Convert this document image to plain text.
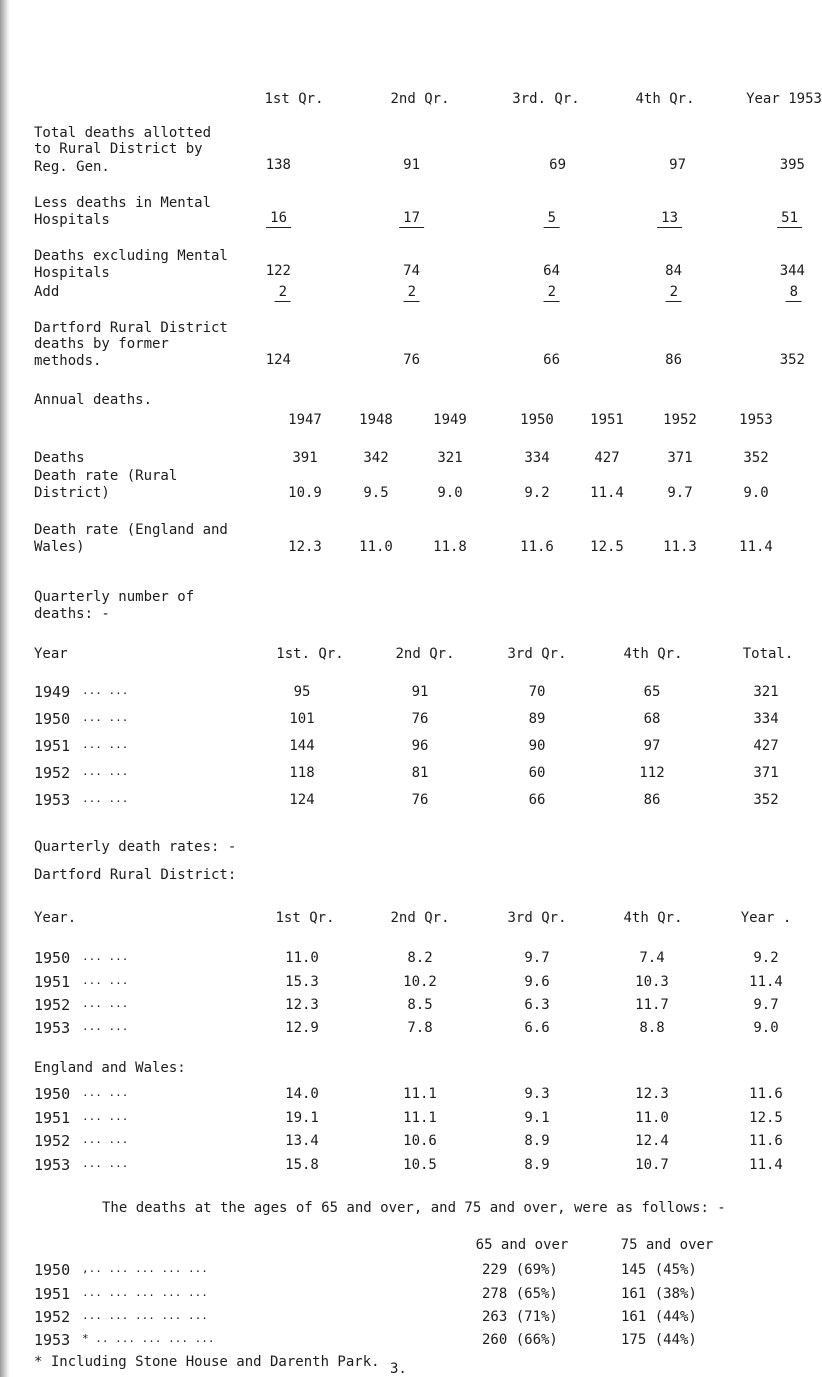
1st Qr.	2nd Qr.	3rd. Qr.	4th Qr.	Year 1953
Total deaths allotted
to Rural District by
Reg. Gen.	138	91	69	97	395
Less deaths in Mental
Hospitals	16	17	5	13	51
Deaths excluding Mental
Hospitals	122	74	64	84	344
Add	2	2	2	2	8
Dartford Rural District
deaths by former
methods.	124	76	66	86	352
Annual deaths.
1947	1948	1949	1950	1951	1952	1953
Deaths	391	342	321	334	427	371	352
Death rate (Rural
District)	10.9	9.5	9.0	9.2	11.4	9.7	9.0
Death rate (England and
Wales)	12.3	11.0	11.8	11.6	12.5	11.3	11.4
Quarterly number of
deaths: -
Year	1st. Qr.	2nd Qr.	3rd Qr.	4th Qr.	Total.
1949 ... ...	95	91	70	65	321
1950 ... ...	101	76	89	68	334
1951 ... ...	144	96	90	97	427
1952 ... ...	118	81	60	112	371
1953 ... ...	124	76	66	86	352
Quarterly death rates: -
Dartford Rural District:
Year.	1st Qr.	2nd Qr.	3rd Qr.	4th Qr.	Year .
1950 ... ...	11.0	8.2	9.7	7.4	9.2
1951 ... ...	15.3	10.2	9.6	10.3	11.4
1952 ... ...	12.3	8.5	6.3	11.7	9.7
1953 ... ...	12.9	7.8	6.6	8.8	9.0
England and Wales:
1950 ... ...	14.0	11.1	9.3	12.3	11.6
1951 ... ...	19.1	11.1	9.1	11.0	12.5
1952 ... ...	13.4	10.6	8.9	12.4	11.6
1953 ... ...	15.8	10.5	8.9	10.7	11.4
The deaths at the ages of 65 and over, and 75 and over, were as follows: -
65 and over	75 and over
1950 ,.. ... ... ... ...	229 (69%)	145 (45%)
1951 ... ... ... ... ...	278 (65%)	161 (38%)
1952 ... ... ... ... ...	263 (71%)	161 (44%)
1953 * .. ... ... ... ...	260 (66%)	175 (44%)
* Including Stone House and Darenth Park. 3.
